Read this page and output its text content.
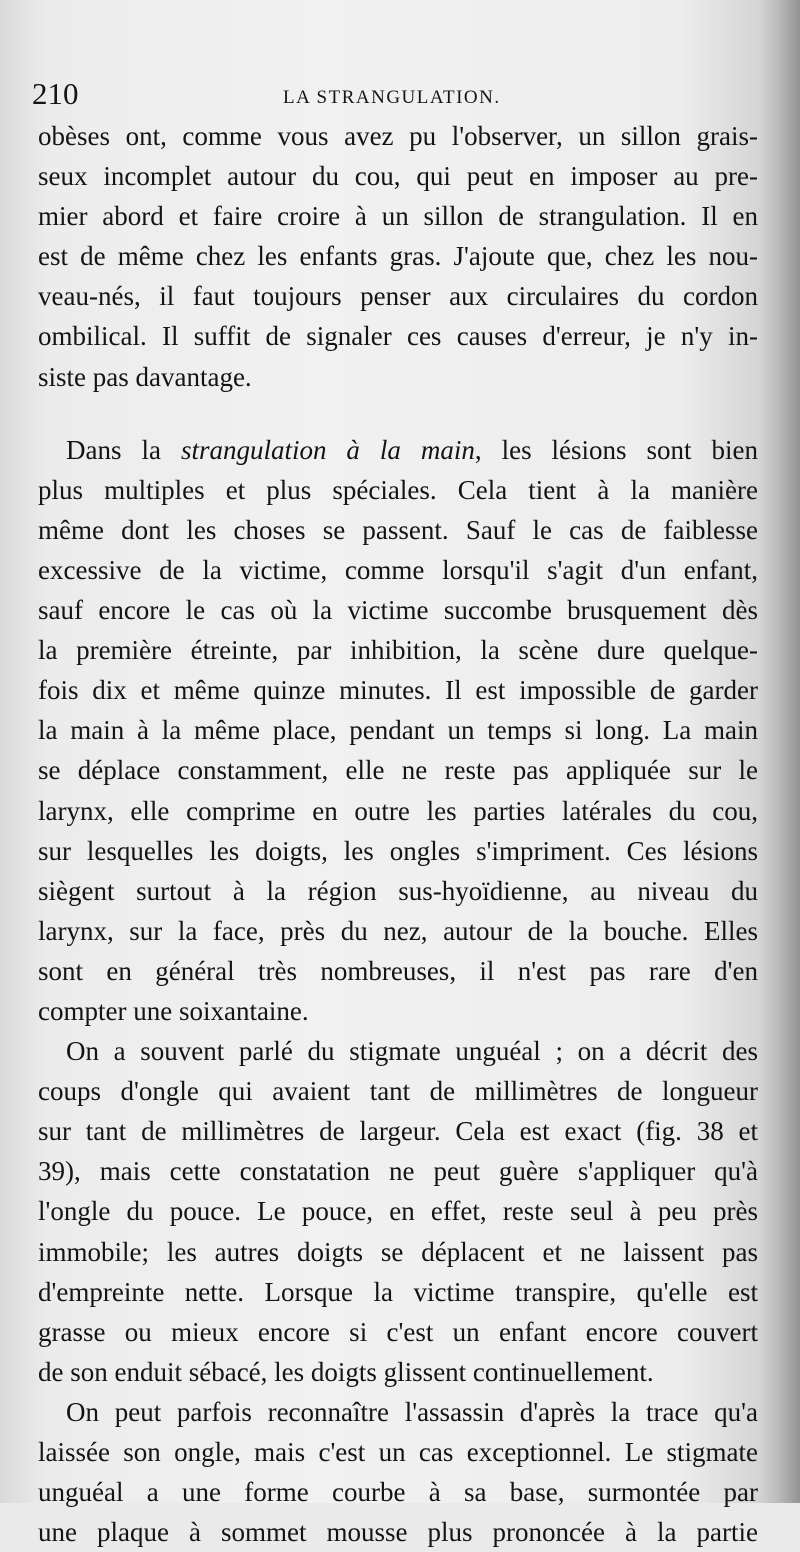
210	LA STRANGULATION.
obèses ont, comme vous avez pu l'observer, un sillon grais-
seux incomplet autour du cou, qui peut en imposer au pre-
mier abord et faire croire à un sillon de strangulation. Il en
est de même chez les enfants gras. J'ajoute que, chez les nou-
veau-nés, il faut toujours penser aux circulaires du cordon
ombilical. Il suffit de signaler ces causes d'erreur, je n'y in-
siste pas davantage.
Dans la strangulation à la main, les lésions sont bien
plus multiples et plus spéciales. Cela tient à la manière
même dont les choses se passent. Sauf le cas de faiblesse
excessive de la victime, comme lorsqu'il s'agit d'un enfant,
sauf encore le cas où la victime succombe brusquement dès
la première étreinte, par inhibition, la scène dure quelque-
fois dix et même quinze minutes. Il est impossible de garder
la main à la même place, pendant un temps si long. La main
se déplace constamment, elle ne reste pas appliquée sur le
larynx, elle comprime en outre les parties latérales du cou,
sur lesquelles les doigts, les ongles s'impriment. Ces lésions
siègent surtout à la région sus-hyoïdienne, au niveau du
larynx, sur la face, près du nez, autour de la bouche. Elles
sont en général très nombreuses, il n'est pas rare d'en
compter une soixantaine.
On a souvent parlé du stigmate unguéal ; on a décrit des
coups d'ongle qui avaient tant de millimètres de longueur
sur tant de millimètres de largeur. Cela est exact (fig. 38 et
39), mais cette constatation ne peut guère s'appliquer qu'à
l'ongle du pouce. Le pouce, en effet, reste seul à peu près
immobile; les autres doigts se déplacent et ne laissent pas
d'empreinte nette. Lorsque la victime transpire, qu'elle est
grasse ou mieux encore si c'est un enfant encore couvert
de son enduit sébacé, les doigts glissent continuellement.
On peut parfois reconnaître l'assassin d'après la trace qu'a
laissée son ongle, mais c'est un cas exceptionnel. Le stigmate
unguéal a une forme courbe à sa base, surmontée par
une plaque à sommet mousse plus prononcée à la partie
